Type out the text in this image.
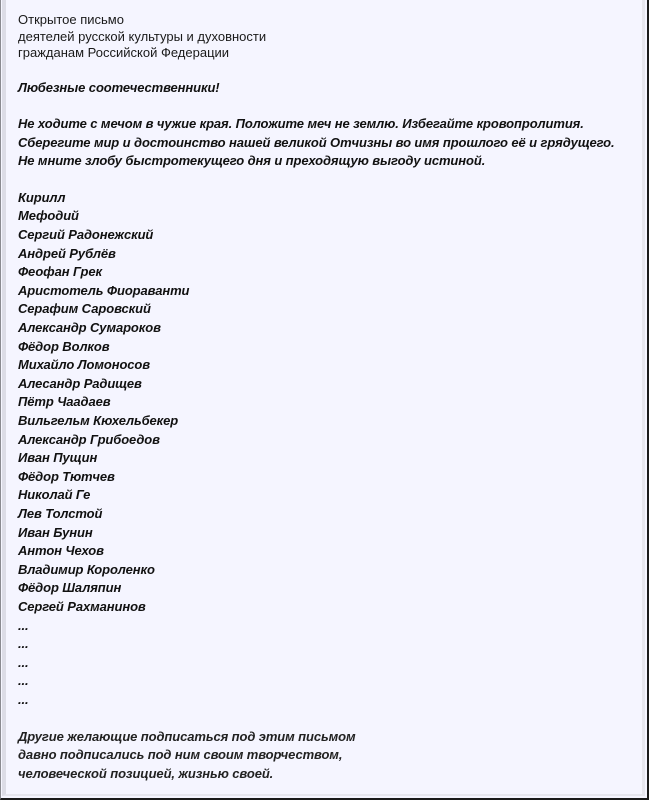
Открытое письмо
деятелей русской культуры и духовности
гражданам Российской Федерации
Любезные соотечественники!
Не ходите с мечом в чужие края. Положите меч не землю. Избегайте кровопролития.
Сберегите мир и достоинство нашей великой Отчизны во имя прошлого её и грядущего.
Не мните злобу быстротекущего дня и преходящую выгоду истиной.
Кирилл
Мефодий
Сергий Радонежский
Андрей Рублёв
Феофан Грек
Аристотель Фиораванти
Серафим Саровский
Александр Сумароков
Фёдор Волков
Михайло Ломоносов
Алесандр Радищев
Пётр Чаадаев
Вильгельм Кюхельбекер
Александр Грибоедов
Иван Пущин
Фёдор Тютчев
Николай Ге
Лев Толстой
Иван Бунин
Антон Чехов
Владимир Короленко
Фёдор Шаляпин
Сергей Рахманинов
...
...
...
...
...
Другие желающие подписаться под этим письмом
давно подписались под ним своим творчеством,
человеческой позицией, жизнью своей.
